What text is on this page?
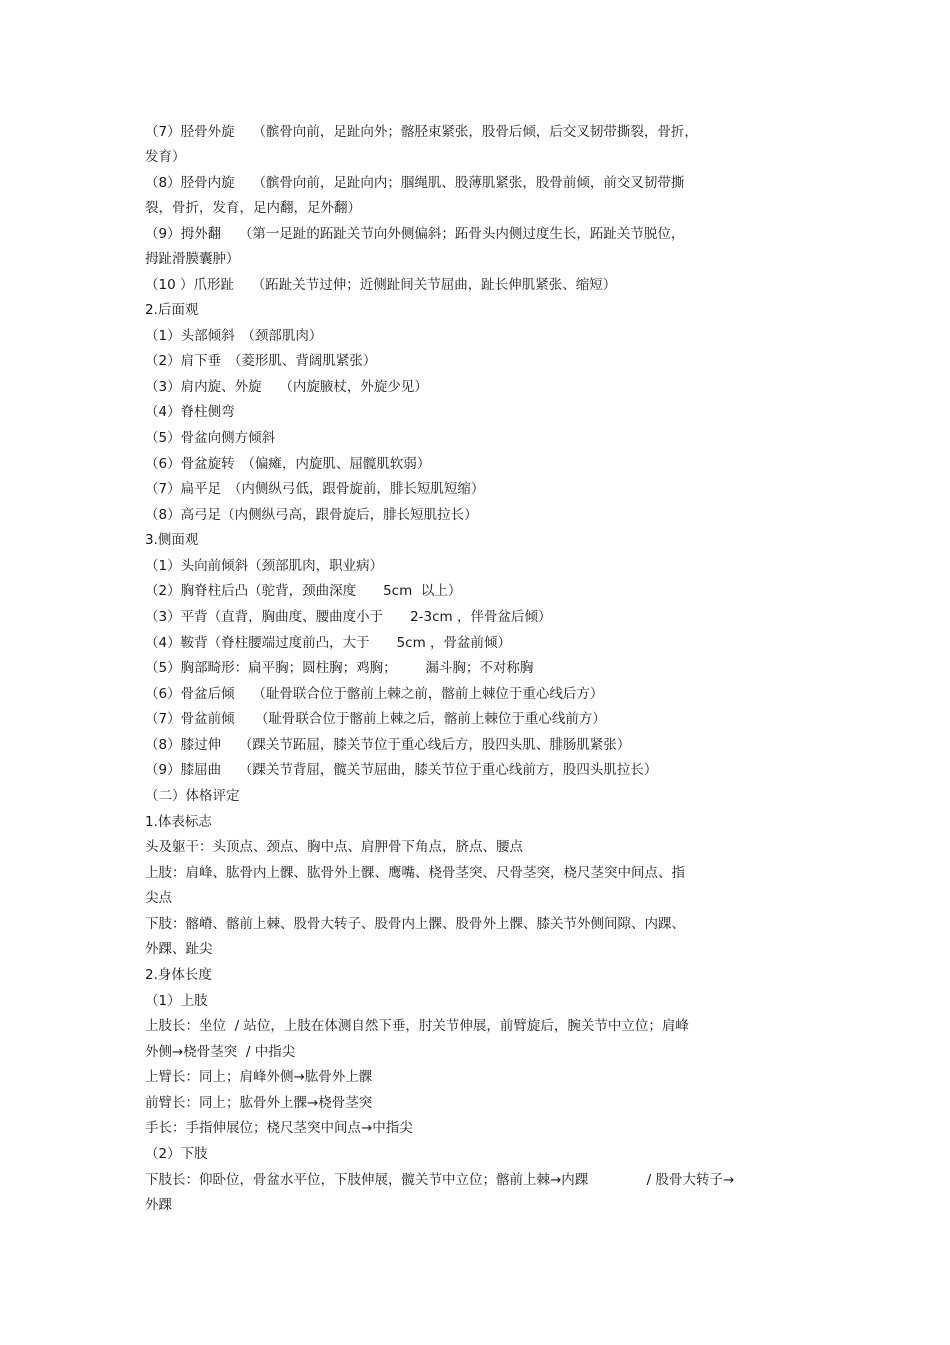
（7）胫骨外旋　 （髌骨向前，足趾向外；髂胫束紧张，股骨后倾，后交叉韧带撕裂，骨折，
发育）
（8）胫骨内旋　 （髌骨向前，足趾向内；腘绳肌、股薄肌紧张，股骨前倾，前交叉韧带撕
裂，骨折，发育，足内翻，足外翻）
（9）拇外翻　 （第一足趾的跖趾关节向外侧偏斜；跖骨头内侧过度生长，跖趾关节脱位，
拇趾滑膜囊肿）
（10 ）爪形趾　 （跖趾关节过伸；近侧趾间关节屈曲，趾长伸肌紧张、缩短）
2.后面观
（1）头部倾斜　（颈部肌肉）
（2）肩下垂　（菱形肌、背阔肌紧张）
（3）肩内旋、外旋　 （内旋腋杖，外旋少见）
（4）脊柱侧弯
（5）骨盆向侧方倾斜
（6）骨盆旋转　（偏瘫，内旋肌、屈髋肌软弱）
（7）扁平足　（内侧纵弓低，跟骨旋前，腓长短肌短缩）
（8）高弓足（内侧纵弓高，跟骨旋后，腓长短肌拉长）
3.侧面观
（1）头向前倾斜（颈部肌肉，职业病）
（2）胸脊柱后凸（驼背，颈曲深度　　5cm  以上）
（3）平背（直背，胸曲度、腰曲度小于　　2-3cm ，伴骨盆后倾）
（4）鞍背（脊柱腰端过度前凸，大于　　5cm ，骨盆前倾）
（5）胸部畸形：扁平胸；圆柱胸；鸡胸；　　  漏斗胸；不对称胸
（6）骨盆后倾　 （耻骨联合位于髂前上棘之前，髂前上棘位于重心线后方）
（7）骨盆前倾　　（耻骨联合位于髂前上棘之后，髂前上棘位于重心线前方）
（8）膝过伸　 （踝关节跖屈，膝关节位于重心线后方，股四头肌、腓肠肌紧张）
（9）膝屈曲　 （踝关节背屈，髋关节屈曲，膝关节位于重心线前方，股四头肌拉长）
（二）体格评定
1.体表标志
头及躯干：头顶点、颈点、胸中点、肩胛骨下角点，脐点、腰点
上肢：肩峰、肱骨内上髁、肱骨外上髁、鹰嘴、桡骨茎突、尺骨茎突，桡尺茎突中间点、指
尖点
下肢：髂嵴、髂前上棘、股骨大转子、股骨内上髁、股骨外上髁、膝关节外侧间隙、内踝、
外踝、趾尖
2.身体长度
（1）上肢
上肢长：坐位  / 站位，上肢在体测自然下垂，肘关节伸展，前臂旋后，腕关节中立位；肩峰
外侧→桡骨茎突  / 中指尖
上臂长：同上；肩峰外侧→肱骨外上髁
前臂长：同上；肱骨外上髁→桡骨茎突
手长：手指伸展位；桡尺茎突中间点→中指尖
（2）下肢
下肢长：仰卧位，骨盆水平位，下肢伸展，髋关节中立位；髂前上棘→内踝　　　　 / 股骨大转子→
外踝
